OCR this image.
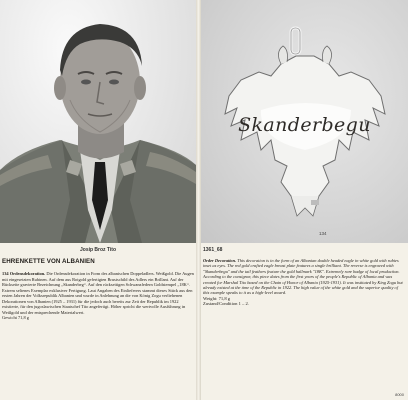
Josip Broz Tito
Skanderbegu
134
1361_68
EHRENKETTE VON ALBANIEN

134 Ordensdekoration. Die Ordensdekoration in Form des albanischen Doppeladlers. Weißgold. Die Augen mit eingesetzten Rubinen. Auf dem aus Rotgold gefertigten Brustschild des Adlers ein Brillant. Auf der Rückseite gravierte Bezeichnung „Skanderbeg“. Auf den rückseitigen Schwanzfedern Goldstempel „18K“. Extrem seltenes Exemplar exklusiver Fertigung. Laut Angaben des Einlieferers stammt dieses Stück aus den ersten Jahren der Volksrepublik Albanien und wurde in Anlehnung an die von König Zogu verliehenen Dekorationen von Albanien (1925 – 1931) für die jedoch auch bereits zur Zeit der Republik im 1922 existierte, für den jugoslawischen Staatschef Tito angefertigt. Höher spricht die wertvolle Ausführung in Weißgold und der entsprechende Materialwert.

Gewicht 71,8 g

Order Decoration. This decoration is in the form of an Albanian double headed eagle in white gold with rubies inset as eyes. The red gold crafted eagle breast plate features a single brilliant. The reverse is engraved with "Skanderbegu" and the tail feathers feature the gold hallmark "18K". Extremely rare badge of local production. According to the consignor, this piece dates from the first years of the people's Republic of Albania and was created for Marshal Tito based on the Chain of Honor of Albania (1925-1931). It was instituted by King Zogu but already existed at the time of the Republic in 1922. The high value of the white gold and the superior quality of this example speaks to it as a high-level award.

Weight: 71,8 g

Zustand/Condition 1 – 2.

8000
